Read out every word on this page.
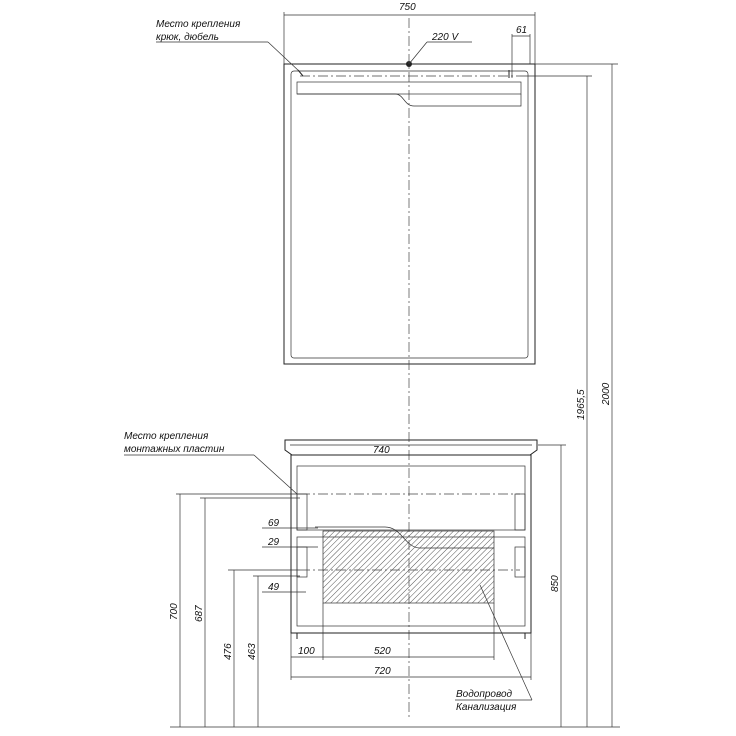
750
61
220 V
Место крепления
крюк, дюбель
2000
1965,5
850
740
Место крепления
монтажных пластин
700 687
476 463
69
29
49
100	520
720
Водопровод
Канализация
